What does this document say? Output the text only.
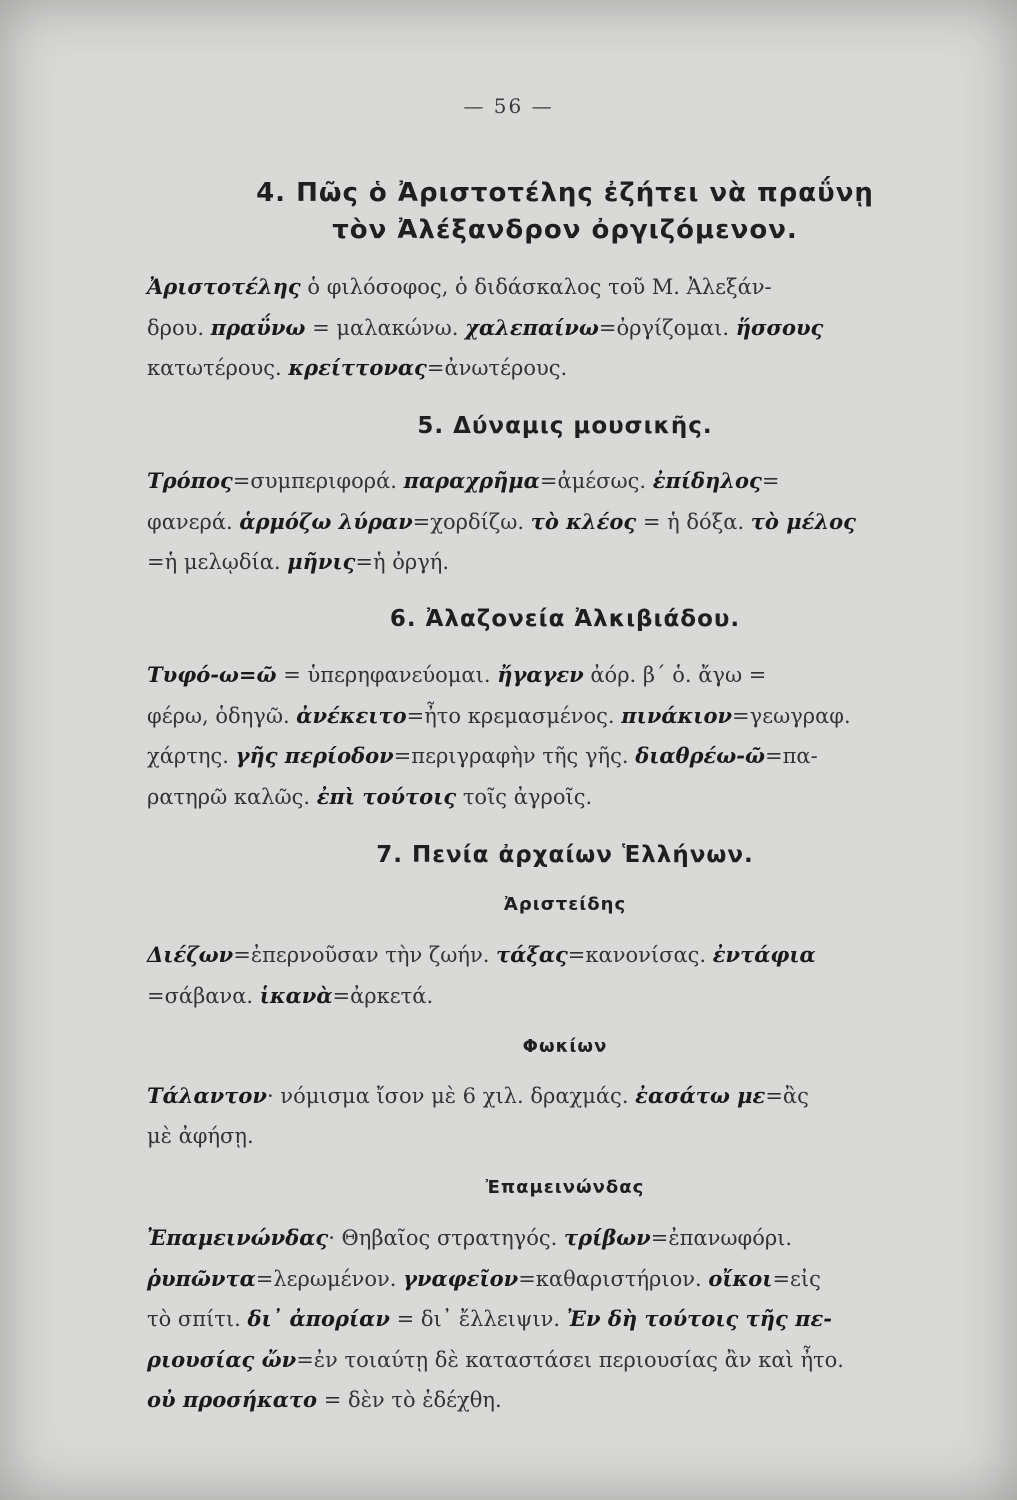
— 56 —
4. Πῶς ὁ Ἀριστοτέλης ἐζήτει νὰ πραΰνῃ
τὸν Ἀλέξανδρον ὀργιζόμενον.
Ἀριστοτέλης ὁ φιλόσοφος, ὁ διδάσκαλος τοῦ Μ. Ἀλεξάν-
δρου. πραΰνω = μαλακώνω. χαλεπαίνω=ὀργίζομαι. ἥσσους
κατωτέρους. κρείττονας=ἀνωτέρους.
5. Δύναμις μουσικῆς.
Τρόπος=συμπεριφορά. παραχρῆμα=ἀμέσως. ἐπίδηλος=
φανερά. ἁρμόζω λύραν=χορδίζω. τὸ κλέος = ἡ δόξα. τὸ μέλος
=ἡ μελῳδία. μῆνις=ἡ ὀργή.
6. Ἀλαζονεία Ἀλκιβιάδου.
Τυφό-ω=ῶ = ὑπερηφανεύομαι. ἤγαγεν ἀόρ. β΄ ὁ. ἄγω =
φέρω, ὁδηγῶ. ἀνέκειτο=ἦτο κρεμασμένος. πινάκιον=γεωγραφ.
χάρτης. γῆς περίοδον=περιγραφὴν τῆς γῆς. διαθρέω-ῶ=πα-
ρατηρῶ καλῶς. ἐπὶ τούτοις τοῖς ἀγροῖς.
7. Πενία ἀρχαίων Ἑλλήνων.
Ἀριστείδης
Διέζων=ἐπερνοῦσαν τὴν ζωήν. τάξας=κανονίσας. ἐντάφια
=σάβανα. ἱκανὰ=ἀρκετά.
Φωκίων
Τάλαντον· νόμισμα ἴσον μὲ 6 χιλ. δραχμάς. ἐασάτω με=ἂς
μὲ ἀφήσῃ.
Ἐπαμεινώνδας
Ἐπαμεινώνδας· Θηβαῖος στρατηγός. τρίβων=ἐπανωφόρι.
ῥυπῶντα=λερωμένον. γναφεῖον=καθαριστήριον. οἴκοι=εἰς
τὸ σπίτι. δι᾽ ἀπορίαν = δι᾽ ἔλλειψιν. Ἐν δὴ τούτοις τῆς πε-
ριουσίας ὤν=ἐν τοιαύτῃ δὲ καταστάσει περιουσίας ἂν καὶ ἦτο.
οὐ προσήκατο = δὲν τὸ ἐδέχθη.
